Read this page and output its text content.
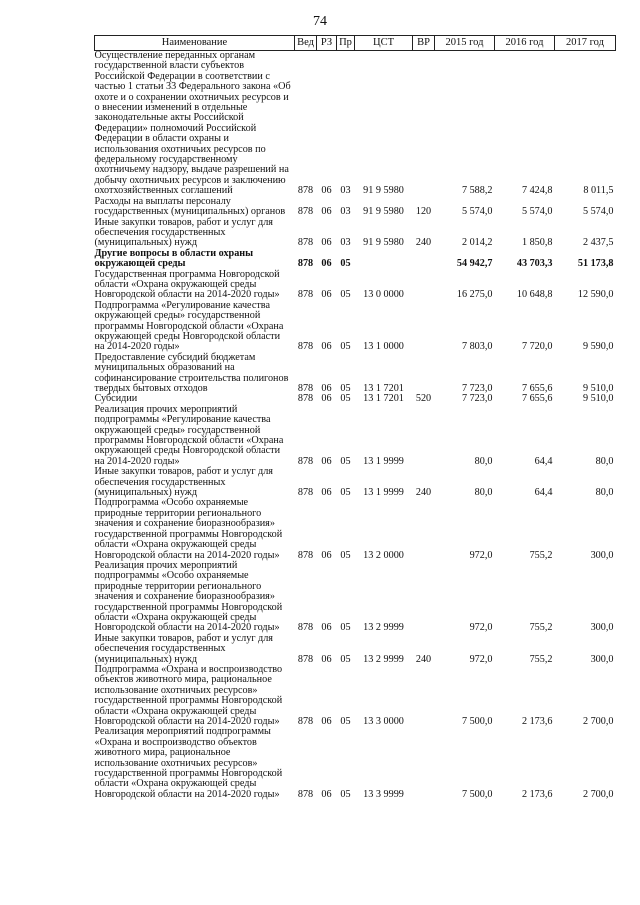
74
Наименование	Вед	РЗ	Пр	ЦСТ	ВР	2015 год	2016 год	2017 год
Осуществление переданных органам государственной власти субъектов Российской Федерации в соответствии с частью 1 статьи 33 Федерального закона «Об охоте и о сохранении охотничьих ресурсов и о внесении изменений в отдельные законодательные акты Российской Федерации» полномочий Российской Федерации в области охраны и использования охотничьих ресурсов по федеральному государственному охотничьему надзору, выдаче разрешений на добычу охотничьих ресурсов и заключению охотхозяйственных соглашений	878	06	03	91 9 5980		7 588,2	7 424,8	8 011,5
Расходы на выплаты персоналу государственных (муниципальных) органов	878	06	03	91 9 5980	120	5 574,0	5 574,0	5 574,0
Иные закупки товаров, работ и услуг для обеспечения государственных (муниципальных) нужд	878	06	03	91 9 5980	240	2 014,2	1 850,8	2 437,5
Другие вопросы в области охраны окружающей среды	878	06	05			54 942,7	43 703,3	51 173,8
Государственная программа Новгородской области «Охрана окружающей среды Новгородской области на 2014-2020 годы»	878	06	05	13 0 0000		16 275,0	10 648,8	12 590,0
Подпрограмма «Регулирование качества окружающей среды» государственной программы Новгородской области «Охрана окружающей среды Новгородской области на 2014-2020 годы»	878	06	05	13 1 0000		7 803,0	7 720,0	9 590,0
Предоставление субсидий бюджетам муниципальных образований на софинансирование строительства полигонов твердых бытовых отходов	878	06	05	13 1 7201		7 723,0	7 655,6	9 510,0
Субсидии	878	06	05	13 1 7201	520	7 723,0	7 655,6	9 510,0
Реализация прочих мероприятий подпрограммы «Регулирование качества окружающей среды» государственной программы Новгородской области «Охрана окружающей среды Новгородской области на 2014-2020 годы»	878	06	05	13 1 9999		80,0	64,4	80,0
Иные закупки товаров, работ и услуг для обеспечения государственных (муниципальных) нужд	878	06	05	13 1 9999	240	80,0	64,4	80,0
Подпрограмма «Особо охраняемые природные территории регионального значения и сохранение биоразнообразия» государственной программы Новгородской области «Охрана окружающей среды Новгородской области на 2014-2020 годы»	878	06	05	13 2 0000		972,0	755,2	300,0
Реализация прочих мероприятий подпрограммы «Особо охраняемые природные территории регионального значения и сохранение биоразнообразия» государственной программы Новгородской области «Охрана окружающей среды Новгородской области на 2014-2020 годы»	878	06	05	13 2 9999		972,0	755,2	300,0
Иные закупки товаров, работ и услуг для обеспечения государственных (муниципальных) нужд	878	06	05	13 2 9999	240	972,0	755,2	300,0
Подпрограмма «Охрана и воспроизводство объектов животного мира, рациональное использование охотничьих ресурсов» государственной программы Новгородской области «Охрана окружающей среды Новгородской области на 2014-2020 годы»	878	06	05	13 3 0000		7 500,0	2 173,6	2 700,0
Реализация мероприятий подпрограммы «Охрана и воспроизводство объектов животного мира, рациональное использование охотничьих ресурсов» государственной программы Новгородской области «Охрана окружающей среды Новгородской области на 2014-2020 годы»	878	06	05	13 3 9999		7 500,0	2 173,6	2 700,0
